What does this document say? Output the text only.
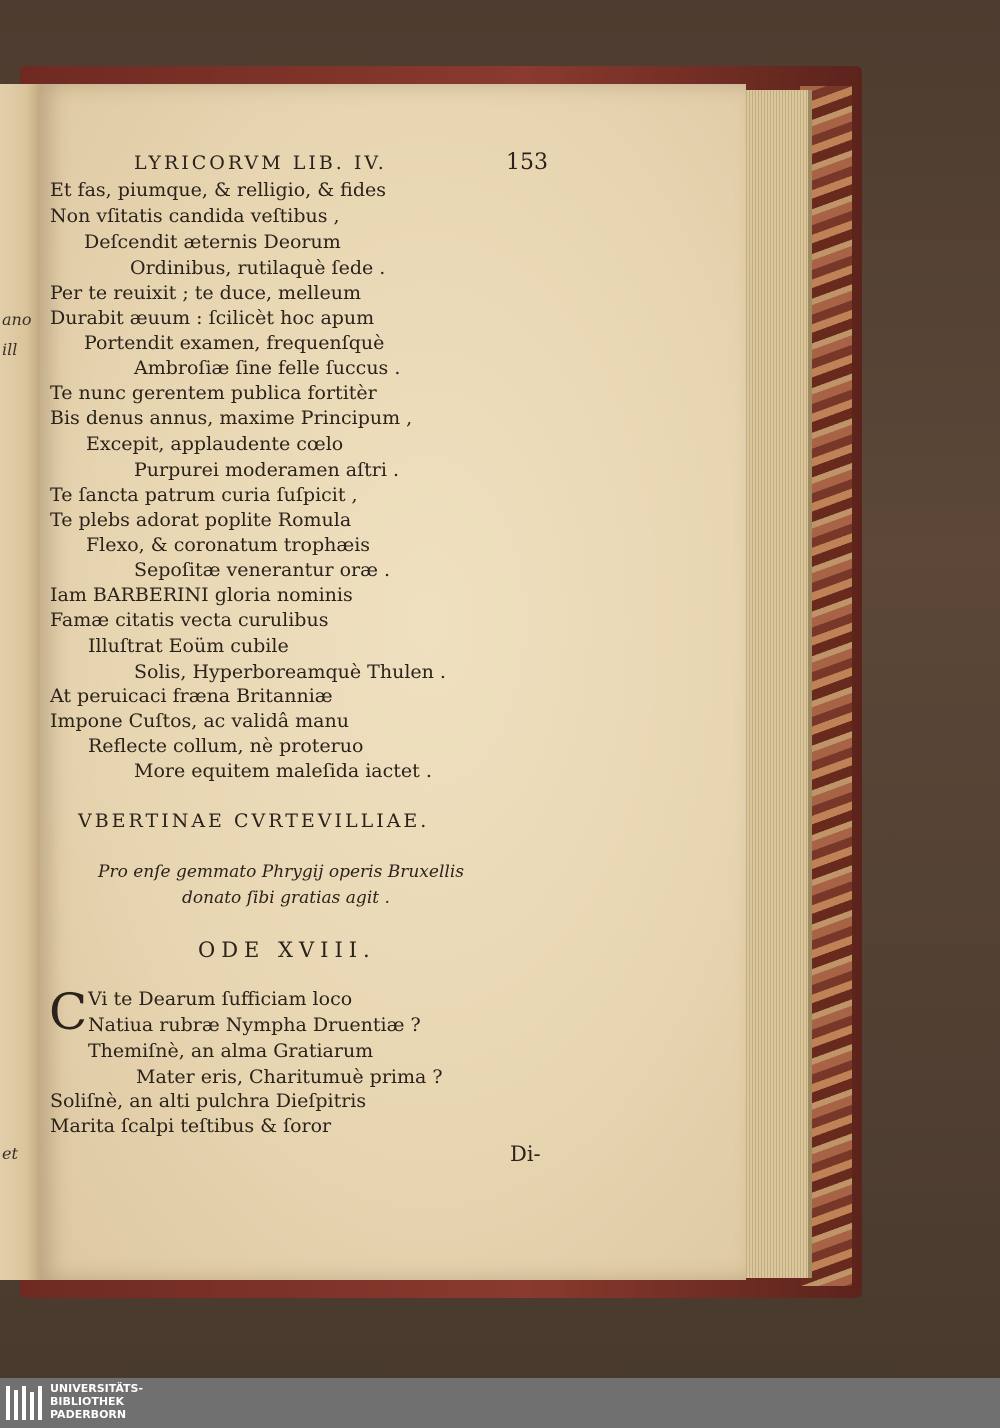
ano
ill
et
LYRICORVM LIB. IV.	153
Et fas, piumque, & relligio, & fides
Non vſitatis candida veſtibus ,
Deſcendit æternis Deorum
Ordinibus, rutilaquè ſede .
Per te reuixit ; te duce, melleum
Durabit æuum : ſcilicèt hoc apum
Portendit examen, frequenſquè
Ambroſiæ ſine felle ſuccus .
Te nunc gerentem publica fortitèr
Bis denus annus, maxime Principum ,
Excepit, applaudente cœlo
Purpurei moderamen aſtri .
Te ſancta patrum curia ſuſpicit ,
Te plebs adorat poplite Romula
Flexo, & coronatum trophæis
Sepoſitæ venerantur oræ .
Iam BARBERINI gloria nominis
Famæ citatis vecta curulibus
Illuſtrat Eoüm cubile
Solis, Hyperboreamquè Thulen .
At peruicaci fræna Britanniæ
Impone Cuſtos, ac validâ manu
Reflecte collum, nè proteruo
More equitem maleſida iactet .
VBERTINAE CVRTEVILLIAE.
Pro enſe gemmato Phrygij operis Bruxellis
donato ſibi gratias agit .
ODE XVIII.
C Vi te Dearum ſufficiam loco
Natiua rubræ Nympha Druentiæ ?
Themiſnè, an alma Gratiarum
Mater eris, Charitumuè prima ?
Soliſnè, an alti pulchra Dieſpitris
Marita ſcalpi teſtibus & ſoror
Di-
UNIVERSITÄTS-
BIBLIOTHEK
PADERBORN
